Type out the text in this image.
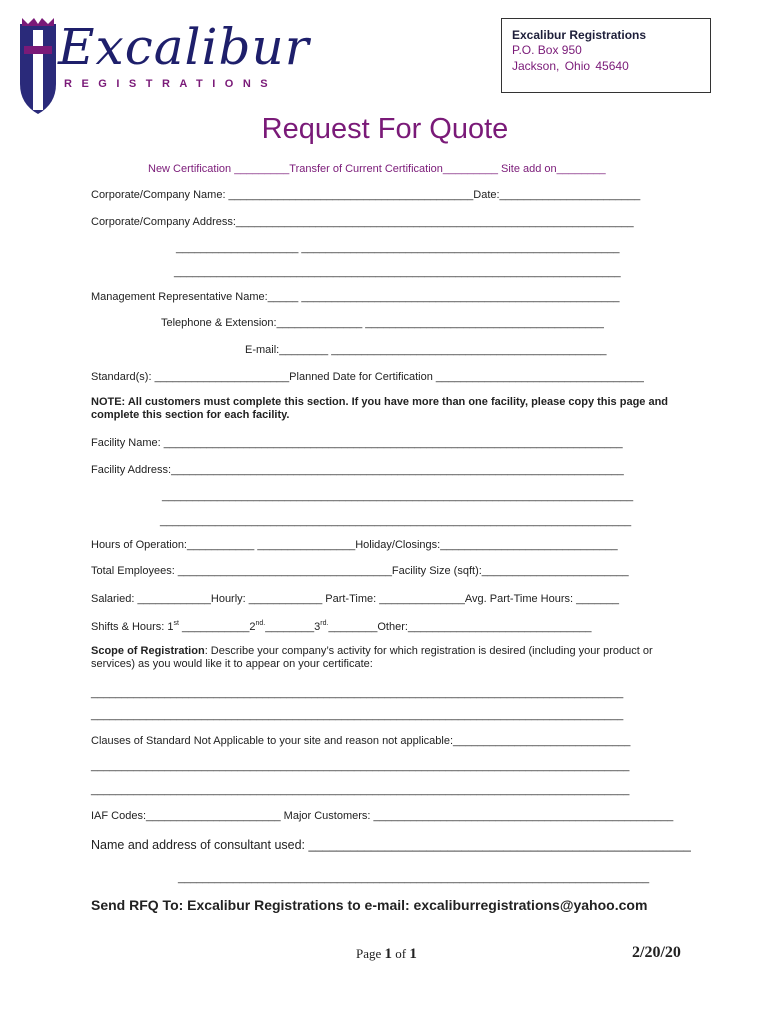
Excalibur
REGISTRATIONS
Excalibur Registrations
P.O. Box 950
Jackson, Ohio 45640
Request For Quote
New Certification _________Transfer of Current Certification_________ Site add on________
Corporate/Company Name: ________________________________________Date:_______________________
Corporate/Company Address:_________________________________________________________________
____________________ ____________________________________________________
_________________________________________________________________________
Management Representative Name:_____ ____________________________________________________
Telephone & Extension:______________ _______________________________________
E-mail:________ _____________________________________________
Standard(s): ______________________Planned Date for Certification __________________________________
NOTE: All customers must complete this section. If you have more than one facility, please copy this page and complete this section for each facility.
Facility Name: ___________________________________________________________________________
Facility Address:__________________________________________________________________________
_____________________________________________________________________________
_____________________________________________________________________________
Hours of Operation:___________ ________________Holiday/Closings:_____________________________
Total Employees: ___________________________________Facility Size (sqft):________________________
Salaried: ____________Hourly: ____________ Part-Time: ______________Avg. Part-Time Hours: _______
Shifts & Hours: 1st $\_\_\_\_\_\_\_\_\_\_\_2^{nd.}\_\_\_\_\_\_\_\_3^{rd.}\_\_\_\_\_\_\_\_Other:\_\_\_\_\_\_\_\_\_\_\_\_\_\_\_\_\_\_\_\_\_\_\_\_\_\_\_\_\_\_$
Scope of Registration: Describe your company’s activity for which registration is desired (including your product or services) as you would like it to appear on your certificate:
_______________________________________________________________________________________
_______________________________________________________________________________________
Clauses of Standard Not Applicable to your site and reason not applicable:_____________________________
________________________________________________________________________________________
________________________________________________________________________________________
IAF Codes:______________________ Major Customers: _________________________________________________
Name and address of consultant used: _______________________________________________________
_____________________________________________________________________________
Send RFQ To: Excalibur Registrations to e-mail: excaliburregistrations@yahoo.com
Page 1 of 1	2/20/20
